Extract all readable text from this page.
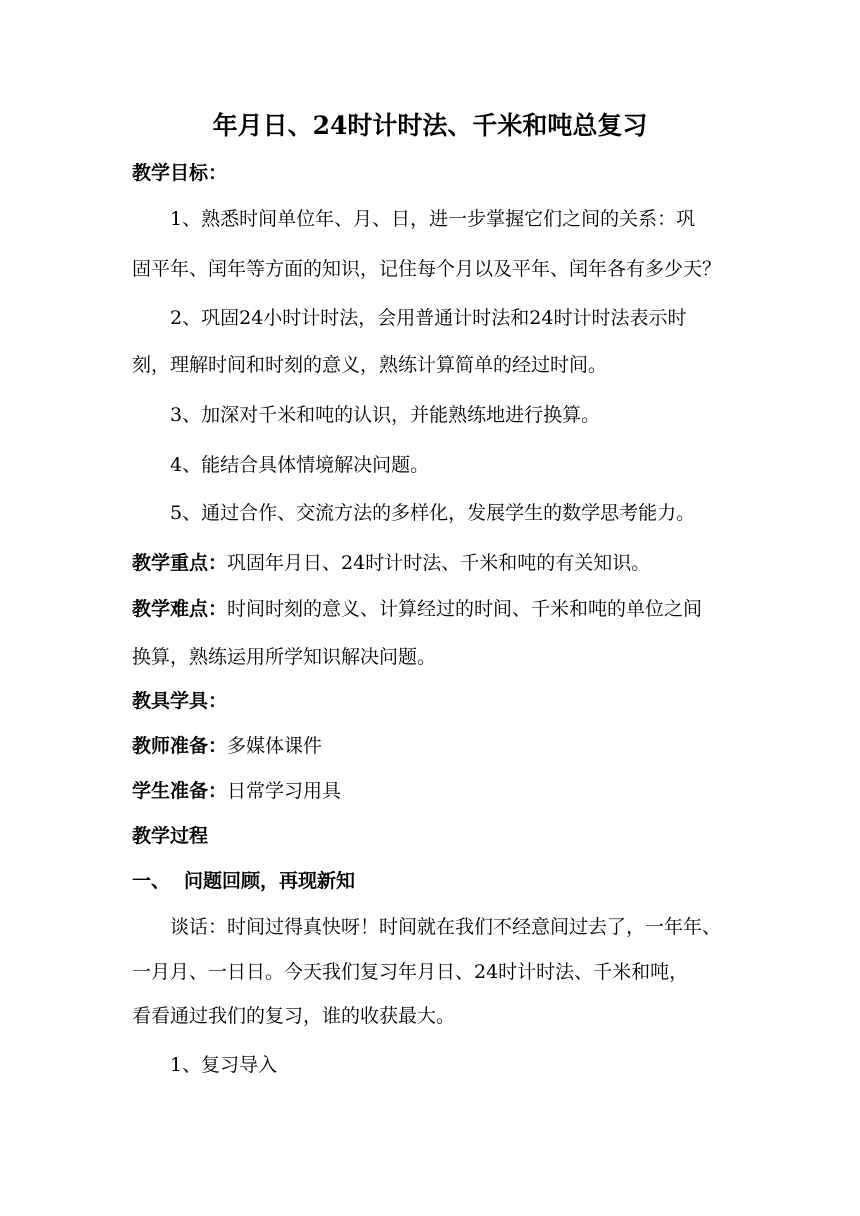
年月日、24时计时法、千米和吨总复习
教学目标：
1、熟悉时间单位年、月、日，进一步掌握它们之间的关系：巩
固平年、闰年等方面的知识，记住每个月以及平年、闰年各有多少天？
2、巩固24小时计时法，会用普通计时法和24时计时法表示时
刻，理解时间和时刻的意义，熟练计算简单的经过时间。
3、加深对千米和吨的认识，并能熟练地进行换算。
4、能结合具体情境解决问题。
5、通过合作、交流方法的多样化，发展学生的数学思考能力。
教学重点：巩固年月日、24时计时法、千米和吨的有关知识。
教学难点：时间时刻的意义、计算经过的时间、千米和吨的单位之间
换算，熟练运用所学知识解决问题。
教具学具：
教师准备：多媒体课件
学生准备：日常学习用具
教学过程
一、 问题回顾，再现新知
谈话：时间过得真快呀！时间就在我们不经意间过去了，一年年、
一月月、一日日。今天我们复习年月日、24时计时法、千米和吨，
看看通过我们的复习，谁的收获最大。
1、复习导入
